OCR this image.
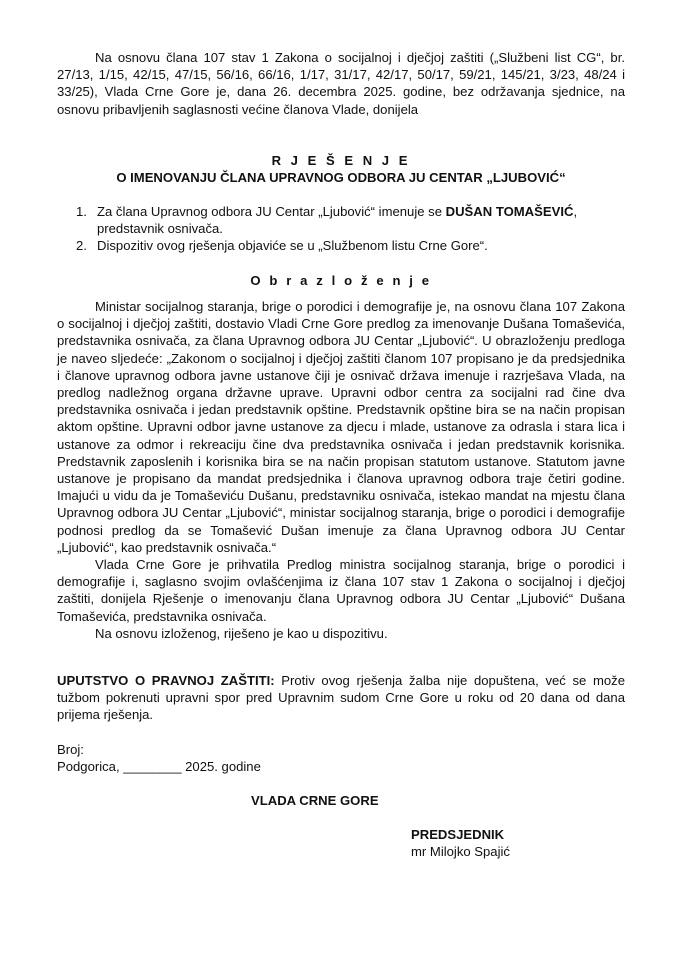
Na osnovu člana 107 stav 1 Zakona o socijalnoj i dječjoj zaštiti („Službeni list CG“, br. 27/13, 1/15, 42/15, 47/15, 56/16, 66/16, 1/17, 31/17, 42/17, 50/17, 59/21, 145/21, 3/23, 48/24 i 33/25), Vlada Crne Gore je, dana 26. decembra 2025. godine, bez održavanja sjednice, na osnovu pribavljenih saglasnosti većine članova Vlade, donijela

R J E Š E N J E

O IMENOVANJU ČLANA UPRAVNOG ODBORA JU CENTAR „LJUBOVIĆ“

1. Za člana Upravnog odbora JU Centar „Ljubović“ imenuje se DUŠAN TOMAŠEVIĆ, predstavnik osnivača.
2. Dispozitiv ovog rješenja objaviće se u „Službenom listu Crne Gore“.

O b r a z l o ž e n j e

Ministar socijalnog staranja, brige o porodici i demografije je, na osnovu člana 107 Zakona o socijalnoj i dječjoj zaštiti, dostavio Vladi Crne Gore predlog za imenovanje Dušana Tomaševića, predstavnika osnivača, za člana Upravnog odbora JU Centar „Ljubović“. U obrazloženju predloga je naveo sljedeće: „Zakonom o socijalnoj i dječjoj zaštiti članom 107 propisano je da predsjednika i članove upravnog odbora javne ustanove čiji je osnivač država imenuje i razrješava Vlada, na predlog nadležnog organa državne uprave. Upravni odbor centra za socijalni rad čine dva predstavnika osnivača i jedan predstavnik opštine. Predstavnik opštine bira se na način propisan aktom opštine. Upravni odbor javne ustanove za djecu i mlade, ustanove za odrasla i stara lica i ustanove za odmor i rekreaciju čine dva predstavnika osnivača i jedan predstavnik korisnika. Predstavnik zaposlenih i korisnika bira se na način propisan statutom ustanove. Statutom javne ustanove je propisano da mandat predsjednika i članova upravnog odbora traje četiri godine. Imajući u vidu da je Tomaševiću Dušanu, predstavniku osnivača, istekao mandat na mjestu člana Upravnog odbora JU Centar „Ljubović“, ministar socijalnog staranja, brige o porodici i demografije podnosi predlog da se Tomašević Dušan imenuje za člana Upravnog odbora JU Centar „Ljubović“, kao predstavnik osnivača.“

Vlada Crne Gore je prihvatila Predlog ministra socijalnog staranja, brige o porodici i demografije i, saglasno svojim ovlašćenjima iz člana 107 stav 1 Zakona o socijalnoj i dječjoj zaštiti, donijela Rješenje o imenovanju člana Upravnog odbora JU Centar „Ljubović“ Dušana Tomaševića, predstavnika osnivača.

Na osnovu izloženog, riješeno je kao u dispozitivu.

UPUTSTVO O PRAVNOJ ZAŠTITI: Protiv ovog rješenja žalba nije dopuštena, već se može tužbom pokrenuti upravni spor pred Upravnim sudom Crne Gore u roku od 20 dana od dana prijema rješenja.

Broj:

Podgorica, ________ 2025. godine

VLADA CRNE GORE

PREDSJEDNIK

mr Milojko Spajić
